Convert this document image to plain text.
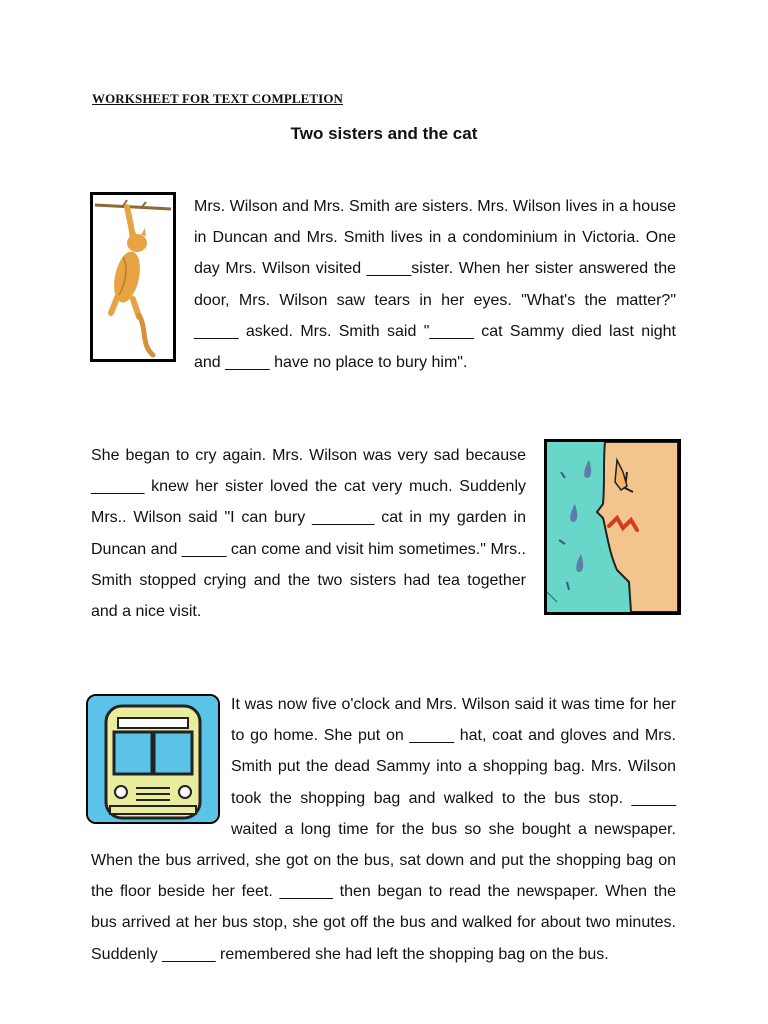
WORKSHEET FOR TEXT COMPLETION
Two sisters and the cat
Mrs. Wilson and Mrs. Smith are sisters. Mrs. Wilson lives in a house in Duncan and Mrs. Smith lives in a condominium in Victoria. One day Mrs. Wilson visited _____sister. When her sister answered the door, Mrs. Wilson saw tears in her eyes. "What's the matter?" _____ asked. Mrs. Smith said "_____ cat Sammy died last night and _____ have no place to bury him".
She began to cry again. Mrs. Wilson was very sad because ______ knew her sister loved the cat very much. Suddenly Mrs.. Wilson said "I can bury _______ cat in my garden in Duncan and _____ can come and visit him sometimes." Mrs.. Smith stopped crying and the two sisters had tea together and a nice visit.
It was now five o'clock and Mrs. Wilson said it was time for her to go home. She put on _____ hat, coat and gloves and Mrs. Smith put the dead Sammy into a shopping bag. Mrs. Wilson took the shopping bag and walked to the bus stop. _____ waited a long time for the bus so she bought a newspaper. When the bus arrived, she got on the bus, sat down and put the shopping bag on the floor beside her feet. ______ then began to read the newspaper. When the bus arrived at her bus stop, she got off the bus and walked for about two minutes. Suddenly ______ remembered she had left the shopping bag on the bus.
